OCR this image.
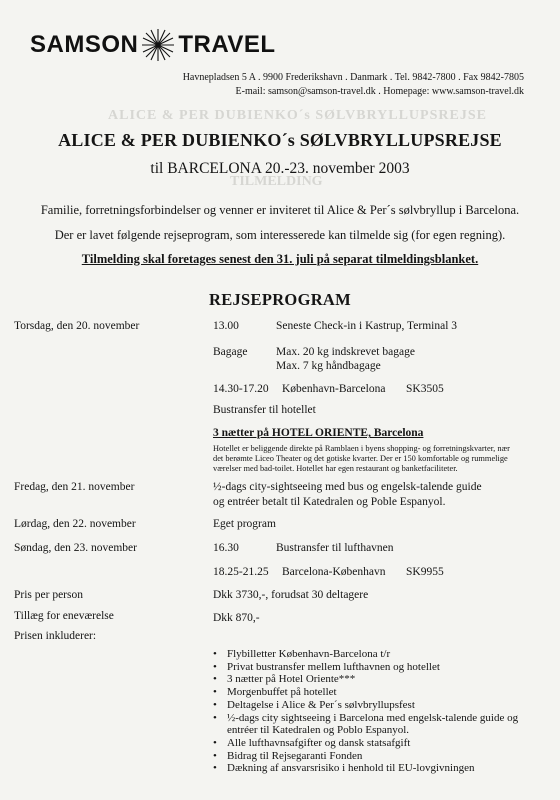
ALICE & PER DUBIENKO´s SØLVBRYLLUPSREJSE
TILMELDING
SAMSON TRAVEL
Havnepladsen 5 A . 9900 Frederikshavn . Danmark . Tel. 9842-7800 . Fax 9842-7805
E-mail: samson@samson-travel.dk . Homepage: www.samson-travel.dk
ALICE & PER DUBIENKO´s SØLVBRYLLUPSREJSE
til BARCELONA 20.-23. november 2003
Familie, forretningsforbindelser og venner er inviteret til Alice & Per´s sølvbryllup i Barcelona.
Der er lavet følgende rejseprogram, som interesserede kan tilmelde sig (for egen regning).
Tilmelding skal foretages senest den 31. juli på separat tilmeldingsblanket.
REJSEPROGRAM
Torsdag, den 20. november	13.00	Seneste Check-in i Kastrup, Terminal 3
Bagage Max. 20 kg indskrevet bagage
Max. 7 kg håndbagage
14.30-17.20 København-Barcelona SK3505
Bustransfer til hotellet
3 nætter på HOTEL ORIENTE, Barcelona
Hotellet er beliggende direkte på Ramblaen i byens shopping- og forretningskvarter, nær det berømte Liceo Theater og det gotiske kvarter. Der er 150 komfortable og rummelige værelser med bad-toilet. Hotellet har egen restaurant og banketfaciliteter.
Fredag, den 21. november	½-dags city-sightseeing med bus og engelsk-talende guide
og entréer betalt til Katedralen og Poble Espanyol.
Lørdag, den 22. november	Eget program
Søndag, den 23. november	16.30	Bustransfer til lufthavnen
18.25-21.25 Barcelona-København SK9955
Pris per person	Dkk 3730,-, forudsat 30 deltagere
Tillæg for eneværelse	Dkk 870,-
Prisen inkluderer:
• Flybilletter København-Barcelona t/r
• Privat bustransfer mellem lufthavnen og hotellet
• 3 nætter på Hotel Oriente***
• Morgenbuffet på hotellet
• Deltagelse i Alice & Per´s sølvbryllupsfest
• ½-dags city sightseeing i Barcelona med engelsk-talende guide og entréer til Katedralen og Poblo Espanyol.
• Alle lufthavnsafgifter og dansk statsafgift
• Bidrag til Rejsegaranti Fonden
• Dækning af ansvarsrisiko i henhold til EU-lovgivningen
